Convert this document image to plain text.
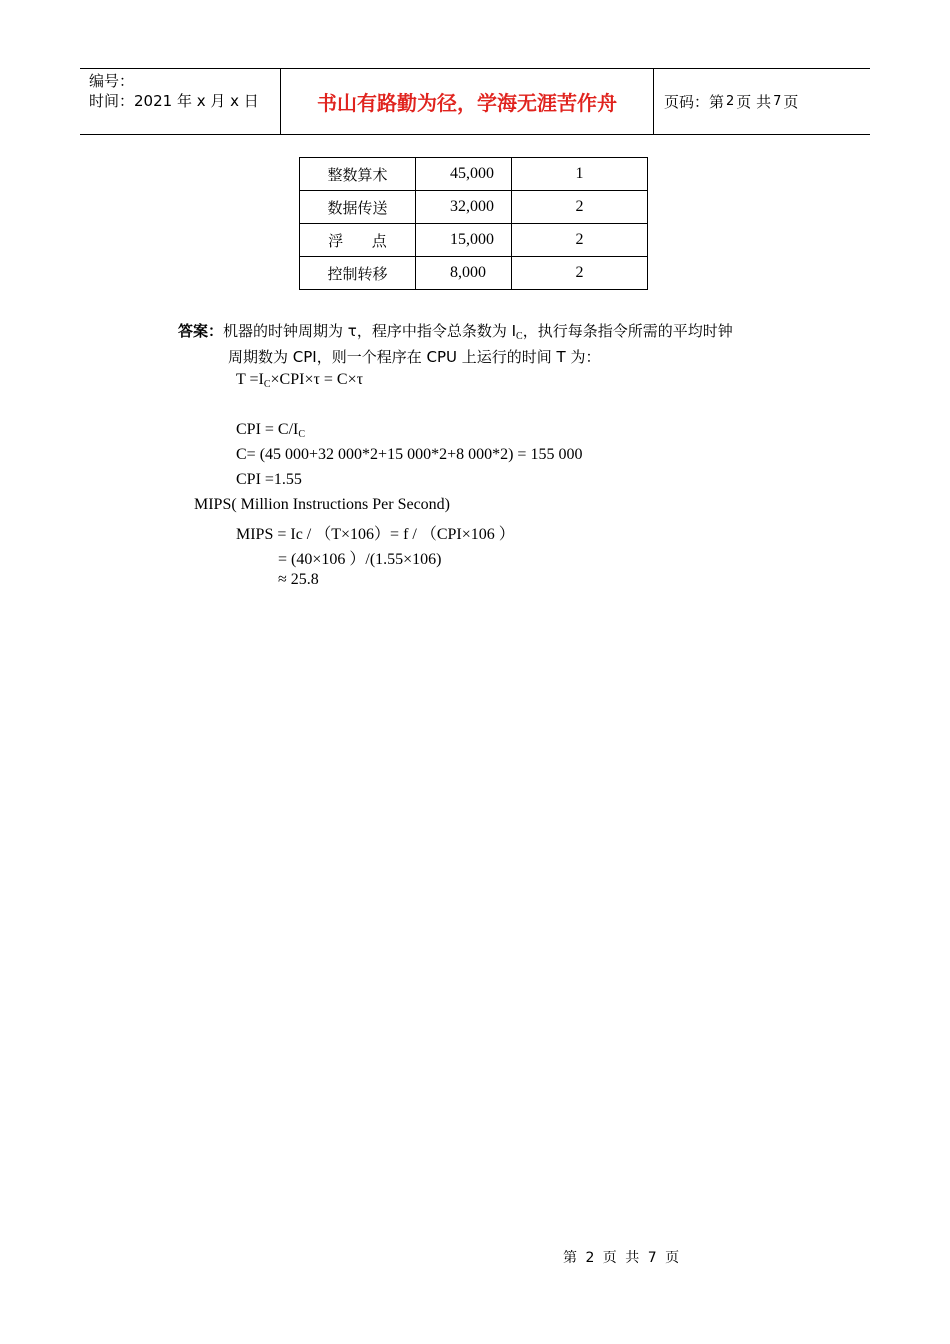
编号：
时间：2021 年 x 月 x 日	书山有路勤为径，学海无涯苦作舟	页码：第 2 页 共 7 页
整数算术	45,000	1
数据传送	32,000	2
浮点	15,000	2
控制转移	8,000	2
答案：机器的时钟周期为 τ，程序中指令总条数为 $I_C$，执行每条指令所需的平均时钟
周期数为 CPI，则一个程序在 CPU 上运行的时间 T 为：
$T =I_C\times CPI\times\tau = C\times\tau$
CPI = $C/I_C$
C= (45 000+32 000*2+15 000*2+8 000*2) = 155 000
CPI =1.55
MIPS( Million Instructions Per Second)
MIPS = Ic / （T×106）= f / （CPI×106 ）
= (40×106 ）/(1.55×106)
≈ 25.8
第 2 页 共 7 页
